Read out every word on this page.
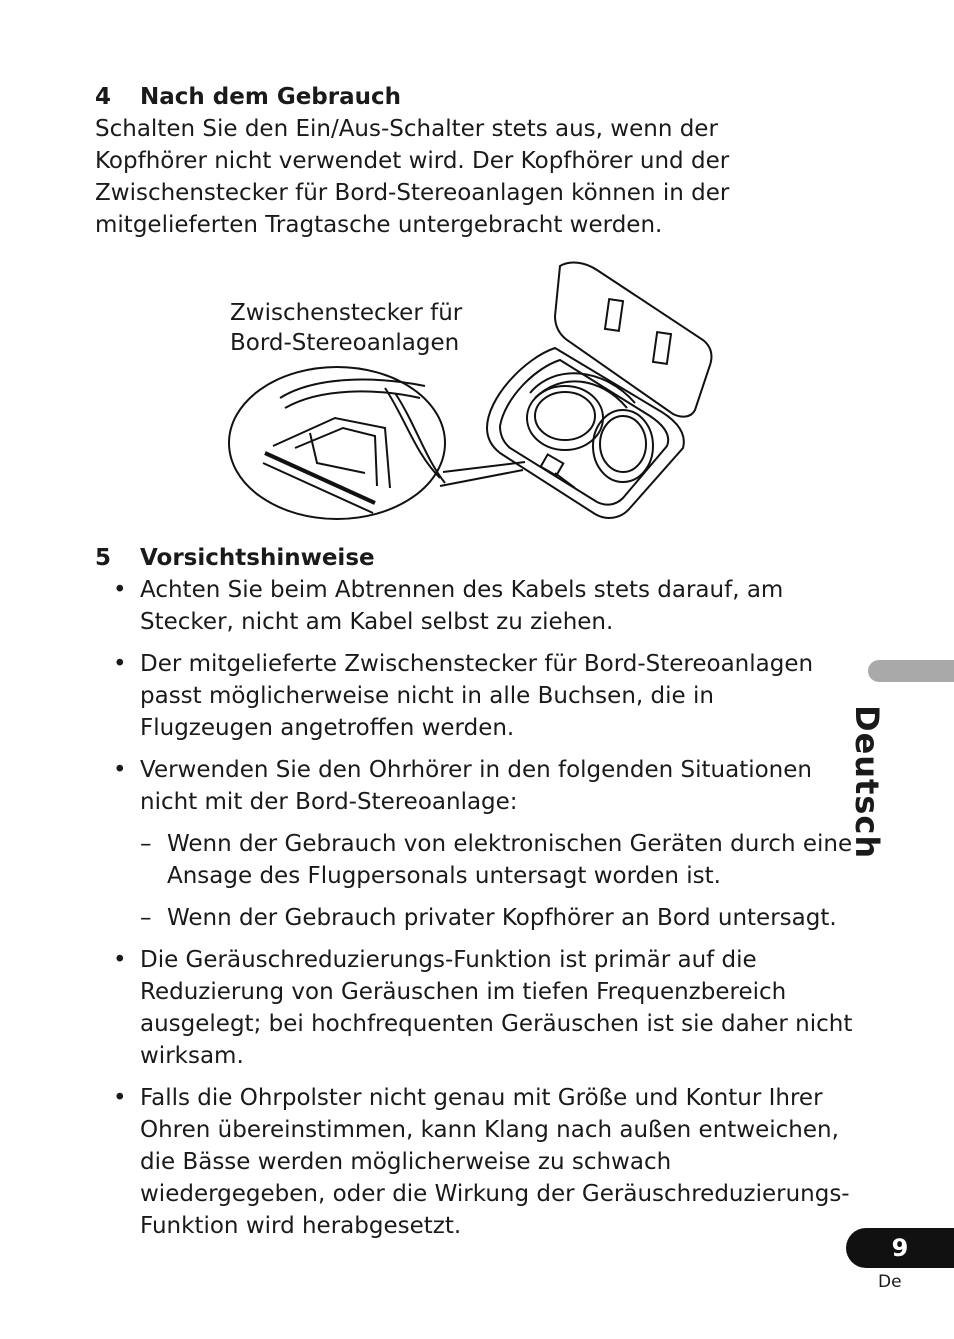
4 Nach dem Gebrauch
Schalten Sie den Ein/Aus-Schalter stets aus, wenn der Kopfhörer nicht verwendet wird. Der Kopfhörer und der Zwischenstecker für Bord-Stereoanlagen können in der mitgelieferten Tragtasche untergebracht werden.
Zwischenstecker für
Bord-Stereoanlagen
5 Vorsichtshinweise
• Achten Sie beim Abtrennen des Kabels stets darauf, am Stecker, nicht am Kabel selbst zu ziehen.
• Der mitgelieferte Zwischenstecker für Bord-Stereoanlagen passt möglicherweise nicht in alle Buchsen, die in Flugzeugen angetroffen werden.
• Verwenden Sie den Ohrhörer in den folgenden Situationen nicht mit der Bord-Stereoanlage:
– Wenn der Gebrauch von elektronischen Geräten durch eine Ansage des Flugpersonals untersagt worden ist.
– Wenn der Gebrauch privater Kopfhörer an Bord untersagt.
• Die Geräuschreduzierungs-Funktion ist primär auf die Reduzierung von Geräuschen im tiefen Frequenzbereich ausgelegt; bei hochfrequenten Geräuschen ist sie daher nicht wirksam.
• Falls die Ohrpolster nicht genau mit Größe und Kontur Ihrer Ohren übereinstimmen, kann Klang nach außen entweichen, die Bässe werden möglicherweise zu schwach wiedergegeben, oder die Wirkung der Geräuschreduzierungs-Funktion wird herabgesetzt.
Deutsch
9
De
